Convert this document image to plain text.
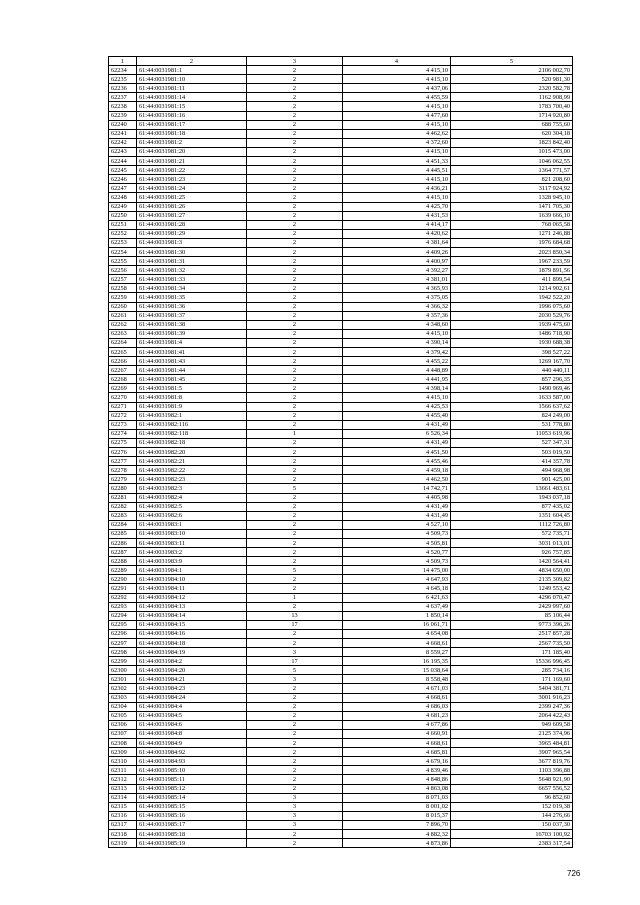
1	2	3	4	5
62234	61:44:0031981:1	2	4 415,10	2106 002,70
62235	61:44:0031981:10	2	4 415,10	520 981,30
62236	61:44:0031981:11	2	4 437,06	2320 582,78
62237	61:44:0031981:14	2	4 455,59	1162 908,99
62238	61:44:0031981:15	2	4 415,10	1783 700,40
62239	61:44:0031981:16	2	4 477,60	1714 920,80
62240	61:44:0031981:17	2	4 415,10	688 755,60
62241	61:44:0031981:18	2	4 462,62	620 304,18
62242	61:44:0031981:2	2	4 372,60	1823 842,40
62243	61:44:0031981:20	2	4 415,10	1015 473,00
62244	61:44:0031981:21	2	4 451,33	1046 062,55
62245	61:44:0031981:22	2	4 445,51	1364 771,57
62246	61:44:0031981:23	2	4 415,10	821 208,60
62247	61:44:0031981:24	2	4 436,21	3117 924,92
62248	61:44:0031981:25	2	4 415,10	1328 945,10
62249	61:44:0031981:26	2	4 425,70	1471 705,30
62250	61:44:0031981:27	2	4 431,53	1639 666,10
62251	61:44:0031981:28	2	4 414,17	768 065,58
62252	61:44:0031981:29	2	4 420,62	1271 246,88
62253	61:44:0031981:3	2	4 381,64	1976 684,68
62254	61:44:0031981:30	2	4 409,26	2023 850,34
62255	61:44:0031981:31	2	4 400,97	1967 233,59
62256	61:44:0031981:32	2	4 392,27	1879 891,56
62257	61:44:0031981:33	2	4 381,01	411 899,54
62258	61:44:0031981:34	2	4 365,93	1214 902,61
62259	61:44:0031981:35	2	4 375,05	1942 522,20
62260	61:44:0031981:36	2	4 366,32	1996 075,60
62261	61:44:0031981:37	2	4 357,36	2030 529,76
62262	61:44:0031981:38	2	4 348,60	1939 475,60
62263	61:44:0031981:39	2	4 415,10	1486 718,90
62264	61:44:0031981:4	2	4 390,14	1930 688,38
62265	61:44:0031981:41	2	4 379,42	398 527,22
62266	61:44:0031981:43	2	4 455,22	1269 167,70
62267	61:44:0031981:44	2	4 448,89	440 440,11
62268	61:44:0031981:45	2	4 441,95	857 296,35
62269	61:44:0031981:5	2	4 398,14	1490 969,46
62270	61:44:0031981:8	2	4 415,10	1633 587,00
62271	61:44:0031981:9	2	4 425,53	1566 637,62
62272	61:44:0031982:1	2	4 455,40	824 249,00
62273	61:44:0031982:116	2	4 431,49	531 778,80
62274	61:44:0031982:118	1	6 526,34	11053 619,96
62275	61:44:0031982:18	2	4 431,49	527 347,31
62276	61:44:0031982:20	2	4 451,50	503 019,50
62277	61:44:0031982:21	2	4 455,46	414 357,78
62278	61:44:0031982:22	2	4 459,18	494 968,98
62279	61:44:0031982:23	2	4 462,50	901 425,00
62280	61:44:0031982:3	5	14 742,71	13661 483,61
62281	61:44:0031982:4	2	4 405,98	1943 037,18
62282	61:44:0031982:5	2	4 431,49	877 435,02
62283	61:44:0031982:6	2	4 431,49	1351 604,45
62284	61:44:0031983:1	2	4 527,10	1112 726,80
62285	61:44:0031983:10	2	4 509,73	572 735,71
62286	61:44:0031983:11	2	4 505,81	3031 013,01
62287	61:44:0031983:2	2	4 520,77	926 757,85
62288	61:44:0031983:9	2	4 509,73	1420 564,41
62289	61:44:0031984:1	5	14 475,00	4834 650,00
62290	61:44:0031984:10	2	4 647,93	2135 309,82
62291	61:44:0031984:11	2	4 645,18	1249 553,42
62292	61:44:0031984:12	1	6 421,63	4296 070,47
62293	61:44:0031984:13	2	4 637,49	2429 997,60
62294	61:44:0031984:14	13	1 850,14	85 106,44
62295	61:44:0031984:15	17	16 061,71	9773 396,26
62296	61:44:0031984:16	2	4 654,08	2517 857,28
62297	61:44:0031984:18	2	4 668,61	2567 735,50
62298	61:44:0031984:19	3	8 559,27	171 185,40
62299	61:44:0031984:2	17	16 195,35	15336 996,45
62300	61:44:0031984:20	5	15 038,64	285 734,16
62301	61:44:0031984:21	3	8 558,48	171 169,60
62302	61:44:0031984:23	2	4 671,03	5404 381,71
62303	61:44:0031984:24	2	4 668,61	3001 916,23
62304	61:44:0031984:4	2	4 686,03	2399 247,36
62305	61:44:0031984:5	2	4 681,23	2064 422,43
62306	61:44:0031984:6	2	4 677,86	949 609,58
62307	61:44:0031984:8	2	4 660,91	2125 374,96
62308	61:44:0031984:9	2	4 668,61	3965 484,81
62309	61:44:0031984:92	2	4 685,81	3907 965,54
62310	61:44:0031984:93	2	4 679,16	3677 819,76
62311	61:44:0031985:10	2	4 839,46	1103 396,88
62312	61:44:0031985:11	2	4 848,86	5648 921,90
62313	61:44:0031985:12	2	4 863,08	6657 556,52
62314	61:44:0031985:14	3	8 071,03	96 852,60
62315	61:44:0031985:15	3	8 001,02	152 019,38
62316	61:44:0031985:16	3	8 015,37	144 276,66
62317	61:44:0031985:17	3	7 896,70	150 037,30
62318	61:44:0031985:18	2	4 882,32	16703 100,92
62319	61:44:0031985:19	2	4 873,86	2383 317,54
726
